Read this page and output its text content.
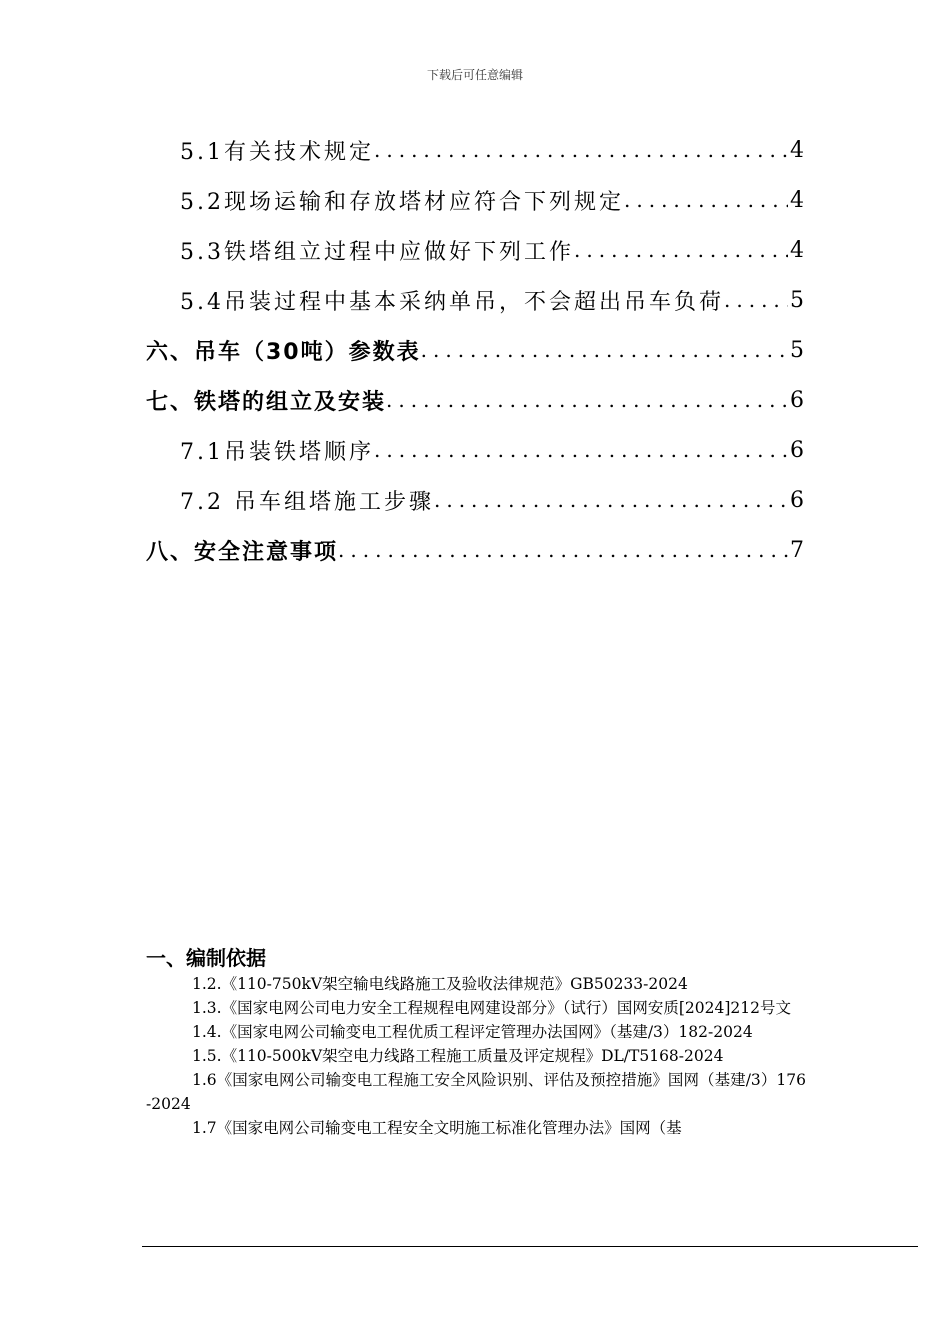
下载后可任意编辑
5.1有关技术规定 .....	4
5.2现场运输和存放塔材应符合下列规定 .....	4
5.3铁塔组立过程中应做好下列工作 .....	4
5.4吊装过程中基本采纳单吊，不会超出吊车负荷 .....	5
六、吊车（30吨）参数表 .....	5
七、铁塔的组立及安装 .....	6
7.1吊装铁塔顺序 .....	6
7.2 吊车组塔施工步骤 .....	6
八、安全注意事项 .....	7
一、编制依据
1.2.《110-750kV架空输电线路施工及验收法律规范》GB50233-2024
1.3.《国家电网公司电力安全工程规程电网建设部分》（试行）国网安质[2024]212号文
1.4.《国家电网公司输变电工程优质工程评定管理办法国网》（基建/3）182-2024
1.5.《110-500kV架空电力线路工程施工质量及评定规程》DL/T5168-2024
1.6《国家电网公司输变电工程施工安全风险识别、评估及预控措施》国网（基建/3）176-2024
1.7《国家电网公司输变电工程安全文明施工标准化管理办法》国网（基
